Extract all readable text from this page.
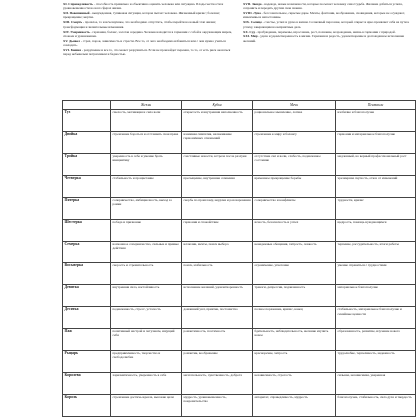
XI. Справедливость - способность правильно и объективно оценить человека или ситуацию. Плоды честности и уравновешенности во всех сферах жизни.

XII. Повешенный - вынужденная, тупиковая ситуация, которая пытает человека. Жизненный кризис; болезни; прекращение; жертва.

XIII. Смерть - прошлое, то и исчезнувшее, что необходимо отпустить, чтобы перейти на новый этап жизни; трансформация и значительные изменения.

XIV. Умеренность - гармония, баланс, золотая середина. Человек находится в гармонии с собой и окружающим миром, спокоен и уравновешен.

XV. Дьявол - страх, порок, зависимость и страсти. Все то, от чего необходимо избавиться или с чем нужно учиться совладать.

XVI. Башня - разрушение и все то, что может разрушиться. Если не произойдет перемен, то то, от есть риск оказаться перед небывалым потрясением и бедностью.

XVII. Звезда - надежда, новые возможности, которые посылает человеку сама Судьба. Желание добиться успеха, сохранить и передать другим свои знания.

XVIII. Луна - бессознательное, скрытые дары. Мечты, фантазии, воображение, сновидения, которые не осуждают, изменчивы и непостоянны.

XIX. Солнце - счастье, успех и удача в жизни. Солнечный персонаж, который открыт и ярко проявляет себя на пути к успеху, заверяющим на неприятные дела.

XX. Суд - пробуждение, перемены, взросление, рост, познание, возрождение, жизнь в гармонии с природой.

XXI. Мир - удача и удовлетворенность в жизни. Гармония и радость, удовлетворение и долгожданное исполнение желаний.

	Жезлы	Кубки	Мечи	Пентакли
Туз	смелость, мотивация и сила воли	открытость и внутренняя наполненность	рациональное мышление, логика	изобилие и благополучие
Двойка	стремление бороться и отстаивать свои права	взаимная симпатия, налаживание гармоничных отношений	стремление к миру и балансу	гармония и материальное благополучие
Тройка	уверенность в себе и умение брать инициативу	счастливые новости, встреча после разлуки	отсутствие сил и воли, слабость, подавленное состояние	медленный, но верный профессиональный рост
Четверка	стабильность и процветание	пресыщение, внутренние сомнения	временное прекращение борьбы	чрезмерная скупость, отказ от изменений
Пятерка	соперничество, амбициозность, выход за рамки	скорбь по прошлому, неудачи и разочарования	соперничество и конфликты	трудности, кризис
Шестерка	победа и признание	гармония и спокойствие	ясность, безопасность и успех	щедрость, помощь нуждающимся
Семерка	возможное соперничество, сильные и прямые действия	иллюзии, мечты, поиск выбора	ненадежные обещания, хитрость, ловкость	терпение, рассудительность, итоги работы
Восьмерка	скорость и стремительность	поиск, мобильность	ограничение, угнетение	умение справиться с трудностями
Девятка	внутренняя сила, настойчивость	исполнение желаний, удовлетворенность	тревоги, депрессия, подавленность	материальное благополучие
Десятка	подавленность, стресс, усталость	домашний уют, приятие, постоянство	полное поражение, кризис, конец	стабильность, материальное благополучие и семейные ценности
Паж	позитивный настрой и энтузиазм, ищущий себя	романтичность, поэтичность	бдительность, наблюдательность, желание изучить новое	образованность, развитие, изучение нового
Рыцарь	предприимчивость, творчество и свободолюбие	романтик, воображение	красноречие, хитрость	трудолюбие, терпеливость, надежность
Королева	харизматичность, уверенность в себе	мечтательность, чувственность, доброта	независимость, строгость	сильная, независимая, уверенная
Король	стремление достичь идеала, высокие цели	мудрость, уравновешенность, покровительство	авторитет, справедливость, мудрость	благополучие, стабильность, сила духа и твердость
